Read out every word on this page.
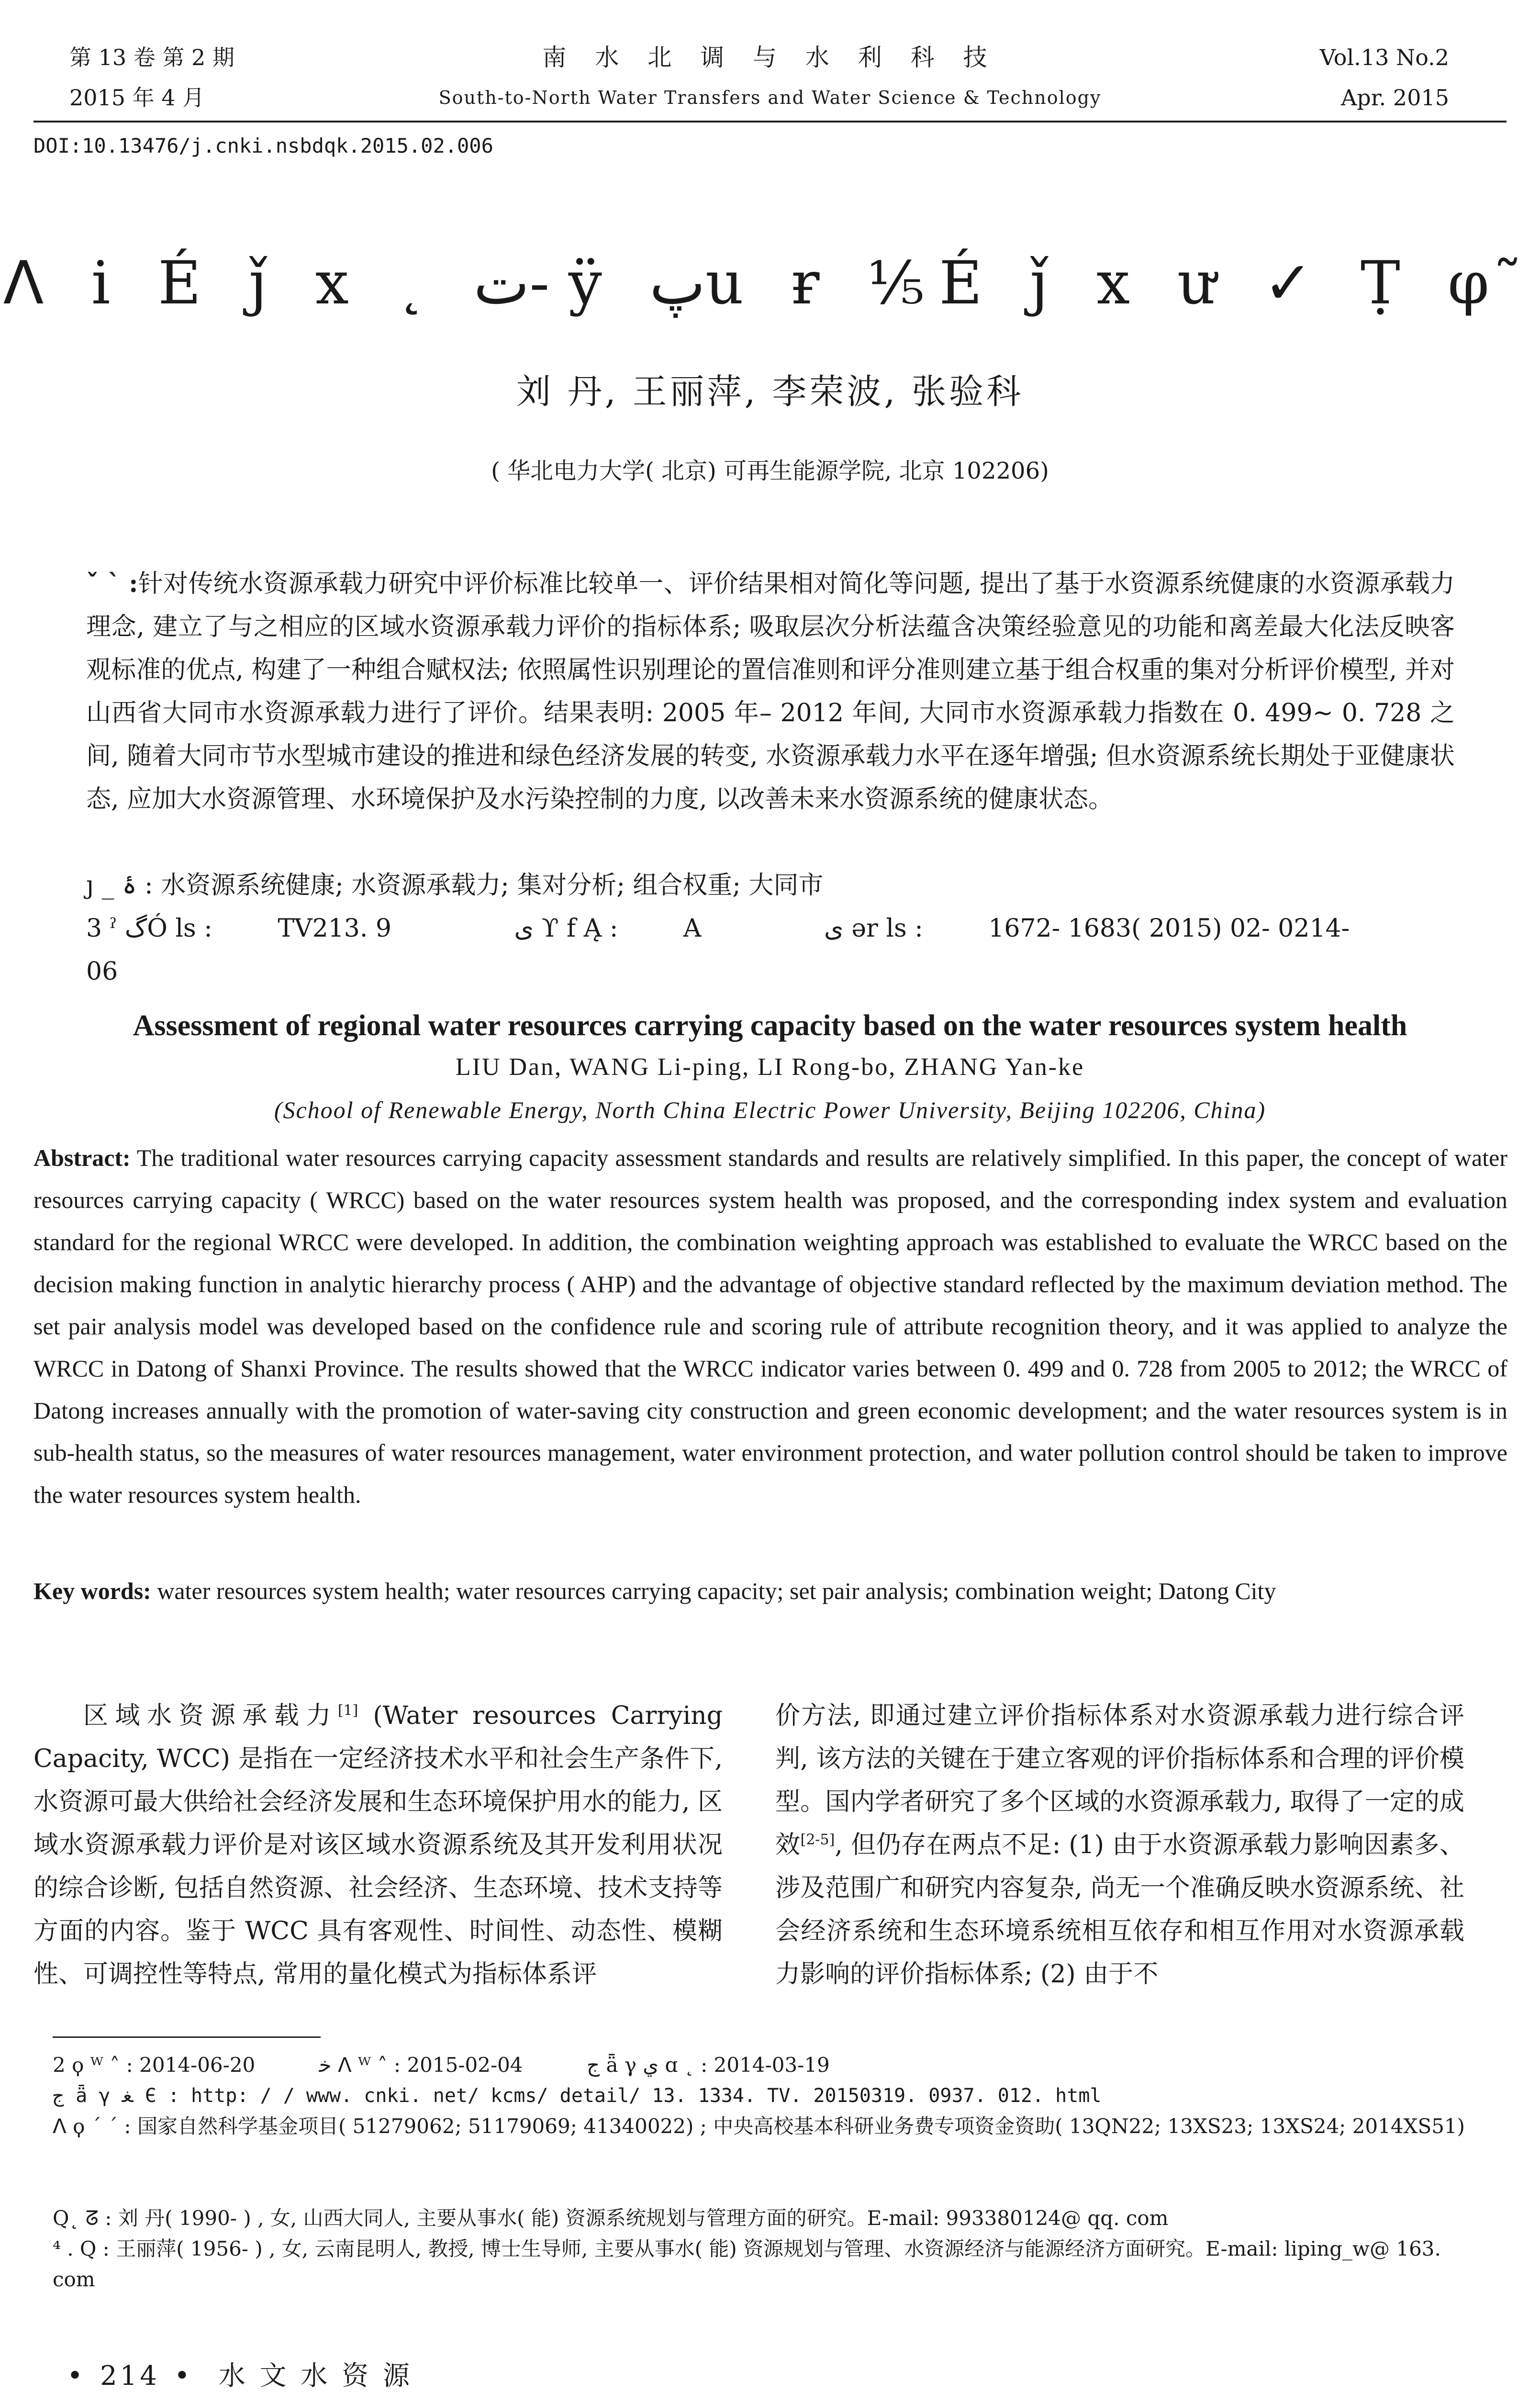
第 13 卷 第 2 期
2015 年 4 月
南 水 北 调 与 水 利 科 技
South-to-North Water Transfers and Water Science & Technology
Vol.13 No.2
Apr. 2015
DOI:10.13476/j.cnki.nsbdqk.2015.02.006
ᐱ i É ǰ x ˛ ت- ÿ پu ɍ ⅕É ǰ x ư ✓ Ṭ φ ̃
刘 丹, 王丽萍, 李荣波, 张验科
( 华北电力大学( 北京) 可再生能源学院, 北京 102206)
ˇ ˋ :针对传统水资源承载力研究中评价标准比较单一、评价结果相对简化等问题, 提出了基于水资源系统健康的水资源承载力理念, 建立了与之相应的区域水资源承载力评价的指标体系; 吸取层次分析法蕴含决策经验意见的功能和离差最大化法反映客观标准的优点, 构建了一种组合赋权法; 依照属性识别理论的置信准则和评分准则建立基于组合权重的集对分析评价模型, 并对山西省大同市水资源承载力进行了评价。结果表明: 2005 年– 2012 年间, 大同市水资源承载力指数在 0. 499~ 0. 728 之间, 随着大同市节水型城市建设的推进和绿色经济发展的转变, 水资源承载力水平在逐年增强; 但水资源系统长期处于亚健康状态, 应加大水资源管理、水环境保护及水污染控制的力度, 以改善未来水资源系统的健康状态。
ȷ _ ۂ : 水资源系统健康; 水资源承载力; 集对分析; 组合权重; 大同市
3 ˀ گÓ ls :	TV213. 9	ى ϒ f Ą :	A	ى ǝr ls :	1672- 1683( 2015) 02- 0214- 06
Assessment of regional water resources carrying capacity based on the water resources system health
LIU Dan, WANG Li-ping, LI Rong-bo, ZHANG Yan-ke
(School of Renewable Energy, North China Electric Power University, Beijing 102206, China)
Abstract: The traditional water resources carrying capacity assessment standards and results are relatively simplified. In this paper, the concept of water resources carrying capacity ( WRCC) based on the water resources system health was proposed, and the corresponding index system and evaluation standard for the regional WRCC were developed. In addition, the combination weighting approach was established to evaluate the WRCC based on the decision making function in analytic hierarchy process ( AHP) and the advantage of objective standard reflected by the maximum deviation method. The set pair analysis model was developed based on the confidence rule and scoring rule of attribute recognition theory, and it was applied to analyze the WRCC in Datong of Shanxi Province. The results showed that the WRCC indicator varies between 0. 499 and 0. 728 from 2005 to 2012; the WRCC of Datong increases annually with the promotion of water-saving city construction and green economic development; and the water resources system is in sub-health status, so the measures of water resources management, water environment protection, and water pollution control should be taken to improve the water resources system health.
Key words: water resources system health; water resources carrying capacity; set pair analysis; combination weight; Datong City
区域水资源承载力[1] (Water resources Carrying Capacity, WCC) 是指在一定经济技术水平和社会生产条件下, 水资源可最大供给社会经济发展和生态环境保护用水的能力, 区域水资源承载力评价是对该区域水资源系统及其开发利用状况的综合诊断, 包括自然资源、社会经济、生态环境、技术支持等方面的内容。鉴于 WCC 具有客观性、时间性、动态性、模糊性、可调控性等特点, 常用的量化模式为指标体系评
价方法, 即通过建立评价指标体系对水资源承载力进行综合评判, 该方法的关键在于建立客观的评价指标体系和合理的评价模型。国内学者研究了多个区域的水资源承载力, 取得了一定的成效[2-5], 但仍存在两点不足: (1) 由于水资源承载力影响因素多、涉及范围广和研究内容复杂, 尚无一个准确反映水资源系统、社会经济系统和生态环境系统相互依存和相互作用对水资源承载力影响的评价指标体系; (2) 由于不
2 ϙ ᵂ ˄ : 2014-06-20	ﺧ ᐱ ᵂ ˄ : 2015-02-04	ج ǟ γ ي ɑ ˛ : 2014-03-19
ج ǟ γ ﻐ Є : http: / / www. cnki. net/ kcms/ detail/ 13. 1334. TV. 20150319. 0937. 012. html
ᐱ ϙ ˊ ˊ : 国家自然科学基金项目( 51279062; 51179069; 41340022) ; 中央高校基本科研业务费专项资金资助( 13QN22; 13XS23; 13XS24; 2014XS51)
Q˛ ᘔ : 刘 丹( 1990- ) , 女, 山西大同人, 主要从事水( 能) 资源系统规划与管理方面的研究。E-mail: 993380124@ qq. com
⁴ . Q : 王丽萍( 1956- ) , 女, 云南昆明人, 教授, 博士生导师, 主要从事水( 能) 资源规划与管理、水资源经济与能源经济方面研究。E-mail: liping_w@ 163. com
• 214 • 水 文 水 资 源
